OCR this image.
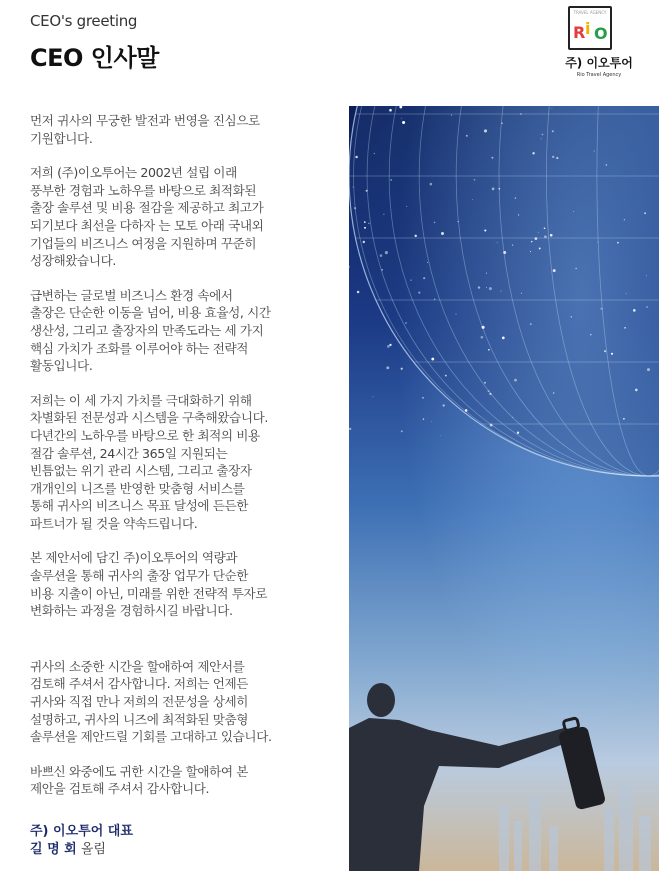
CEO's greeting
CEO 인사말
TRAVEL AGENCY
R i O
주) 이오투어
Rio Travel Agency

먼저 귀사의 무궁한 발전과 번영을 진심으로
기원합니다.

저희 (주)이오투어는 2002년 설립 이래
풍부한 경험과 노하우를 바탕으로 최적화된
출장 솔루션 및 비용 절감을 제공하고 최고가
되기보다 최선을 다하자 는 모토 아래 국내외
기업들의 비즈니스 여정을 지원하며 꾸준히
성장해왔습니다.

급변하는 글로벌 비즈니스 환경 속에서
출장은 단순한 이동을 넘어, 비용 효율성, 시간
생산성, 그리고 출장자의 만족도라는 세 가지
핵심 가치가 조화를 이루어야 하는 전략적
활동입니다.

저희는 이 세 가지 가치를 극대화하기 위해
차별화된 전문성과 시스템을 구축해왔습니다.
다년간의 노하우를 바탕으로 한 최적의 비용
절감 솔루션, 24시간 365일 지원되는
빈틈없는 위기 관리 시스템, 그리고 출장자
개개인의 니즈를 반영한 맞춤형 서비스를
통해 귀사의 비즈니스 목표 달성에 든든한
파트너가 될 것을 약속드립니다.

본 제안서에 담긴 주)이오투어의 역량과
솔루션을 통해 귀사의 출장 업무가 단순한
비용 지출이 아닌, 미래를 위한 전략적 투자로
변화하는 과정을 경험하시길 바랍니다.

귀사의 소중한 시간을 할애하여 제안서를
검토해 주셔서 감사합니다. 저희는 언제든
귀사와 직접 만나 저희의 전문성을 상세히
설명하고, 귀사의 니즈에 최적화된 맞춤형
솔루션을 제안드릴 기회를 고대하고 있습니다.

바쁘신 와중에도 귀한 시간을 할애하여 본
제안을 검토해 주셔서 감사합니다.

주) 이오투어 대표
길 명 회 올림
